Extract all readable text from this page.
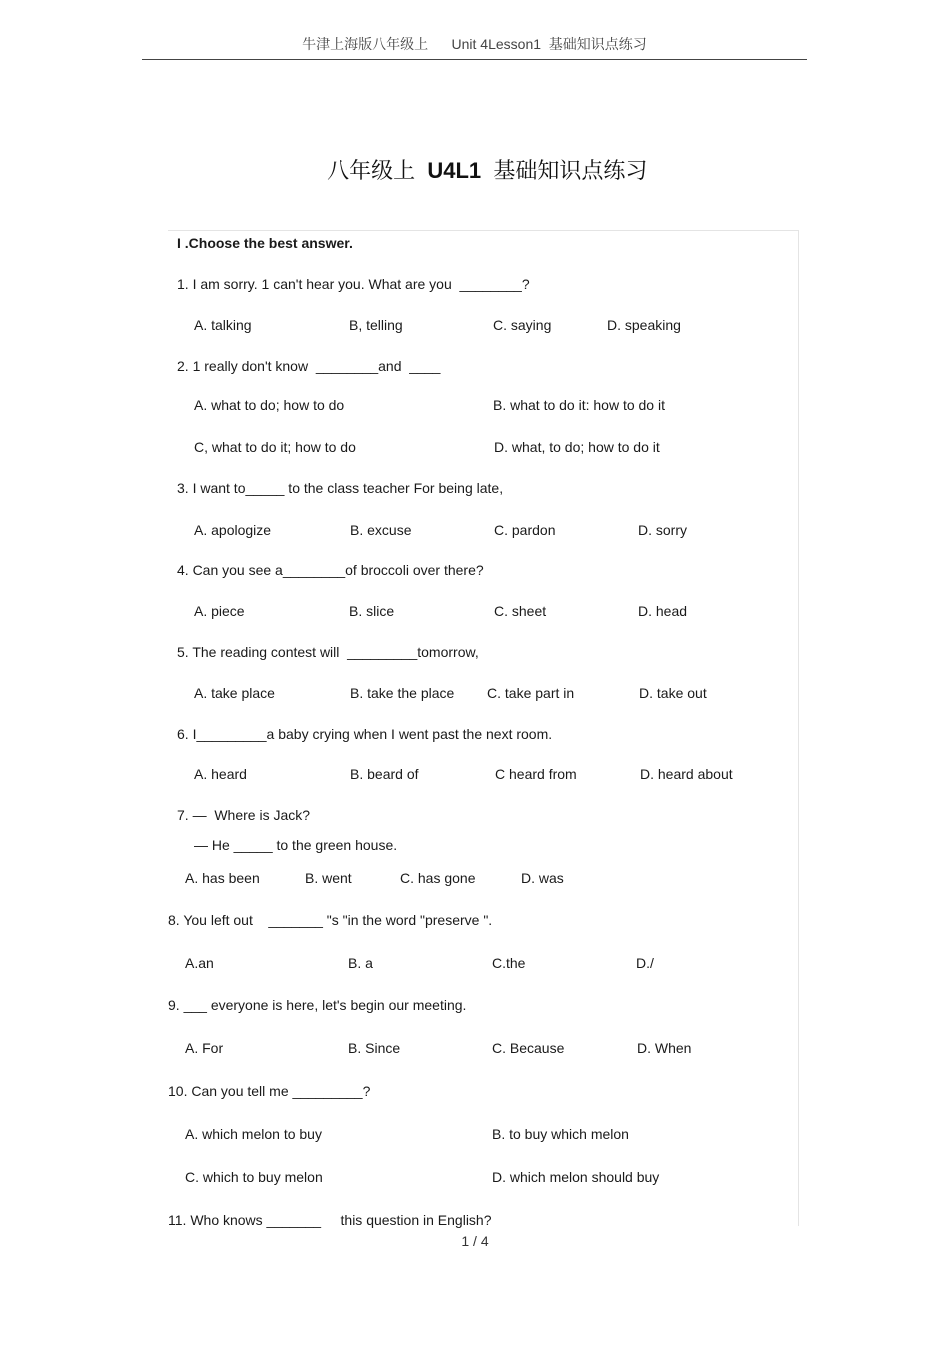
牛津上海版八年级上 Unit 4Lesson1  基础知识点练习

八年级上 U4L1 基础知识点练习

I .Choose the best answer.
1. I am sorry. 1 can't hear you. What are you  ________?
A. talking	B, telling	C. saying	D. speaking
2. 1 really don't know  ________and  ____
A. what to do; how to do	B. what to do it: how to do it
C, what to do it; how to do	D. what, to do; how to do it
3. I want to_____ to the class teacher For being late,
A. apologize	B. excuse	C. pardon	D. sorry
4. Can you see a________of broccoli over there?
A. piece	B. slice	C. sheet	D. head
5. The reading contest will  _________tomorrow,
A. take place	B. take the place C. take part in	D. take out
6. I_________a baby crying when I went past the next room.
A. heard	B. beard of	C heard from	D. heard about
7. —  Where is Jack?
— He _____ to the green house.
A. has been	B. went	C. has gone	D. was
8. You left out    _______ "s "in the word "preserve ".
A.an	B. a	C.the	D./
9. ___ everyone is here, let's begin our meeting.
A. For	B. Since	C. Because	D. When
10. Can you tell me _________?
A. which melon to buy	B. to buy which melon
C. which to buy melon	D. which melon should buy
11. Who knows _______     this question in English?
1 / 4
